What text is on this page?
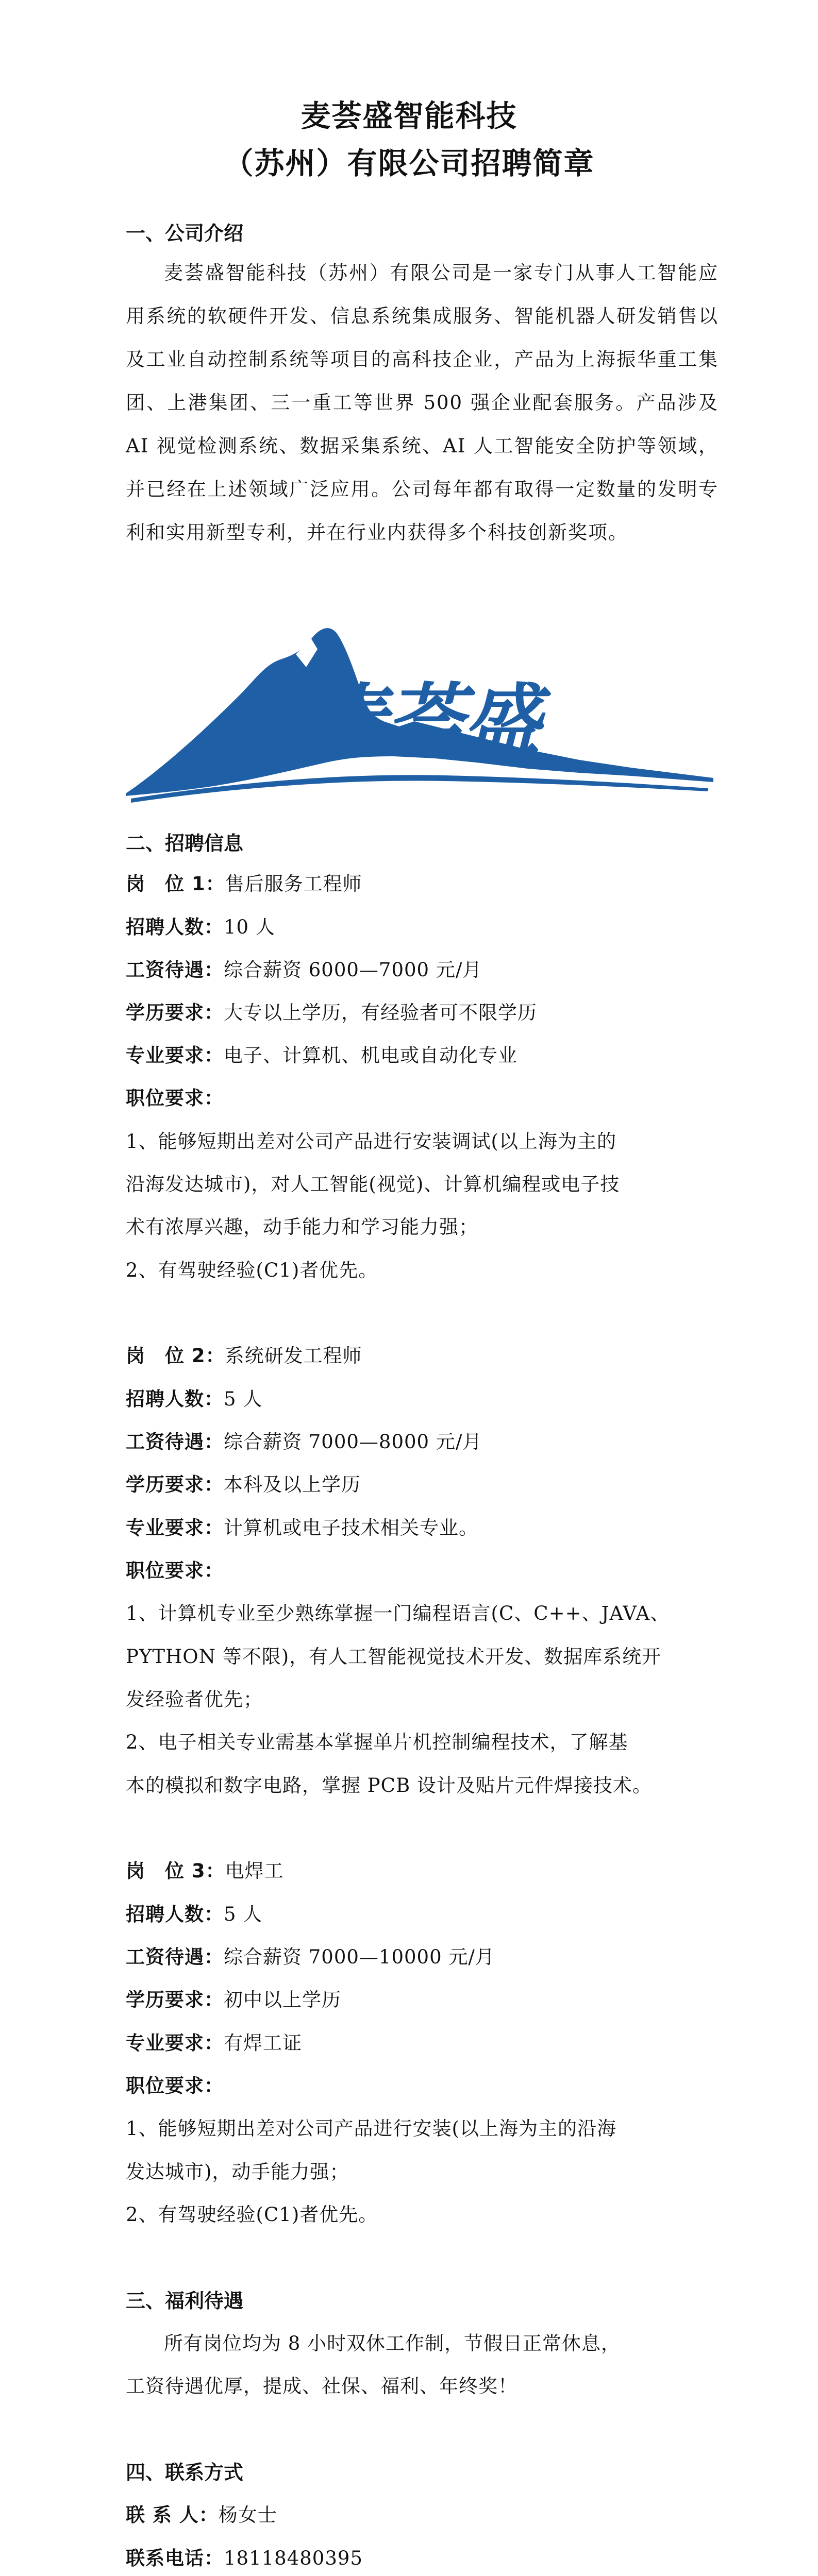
麦荟盛智能科技
（苏州）有限公司招聘简章
一、公司介绍
麦荟盛智能科技（苏州）有限公司是一家专门从事人工智能应用系统的软硬件开发、信息系统集成服务、智能机器人研发销售以及工业自动控制系统等项目的高科技企业，产品为上海振华重工集团、上港集团、三一重工等世界 500 强企业配套服务。产品涉及 AI 视觉检测系统、数据采集系统、AI 人工智能安全防护等领域，并已经在上述领域广泛应用。公司每年都有取得一定数量的发明专利和实用新型专利，并在行业内获得多个科技创新奖项。
麦荟盛
二、招聘信息
岗　位 1：售后服务工程师
招聘人数：10 人
工资待遇：综合薪资 6000—7000 元/月
学历要求：大专以上学历，有经验者可不限学历
专业要求：电子、计算机、机电或自动化专业
职位要求：
1、能够短期出差对公司产品进行安装调试(以上海为主的
沿海发达城市)，对人工智能(视觉)、计算机编程或电子技
术有浓厚兴趣，动手能力和学习能力强；
2、有驾驶经验(C1)者优先。
岗　位 2：系统研发工程师
招聘人数：5 人
工资待遇：综合薪资 7000—8000 元/月
学历要求：本科及以上学历
专业要求：计算机或电子技术相关专业。
职位要求：
1、计算机专业至少熟练掌握一门编程语言(C、C++、JAVA、
PYTHON 等不限)，有人工智能视觉技术开发、数据库系统开
发经验者优先；
2、电子相关专业需基本掌握单片机控制编程技术，了解基
本的模拟和数字电路，掌握 PCB 设计及贴片元件焊接技术。
岗　位 3：电焊工
招聘人数：5 人
工资待遇：综合薪资 7000—10000 元/月
学历要求：初中以上学历
专业要求：有焊工证
职位要求：
1、能够短期出差对公司产品进行安装(以上海为主的沿海
发达城市)，动手能力强；
2、有驾驶经验(C1)者优先。
三、福利待遇
所有岗位均为 8 小时双休工作制，节假日正常休息，
工资待遇优厚，提成、社保、福利、年终奖！
四、联系方式
联 系 人：杨女士
联系电话：18118480395
